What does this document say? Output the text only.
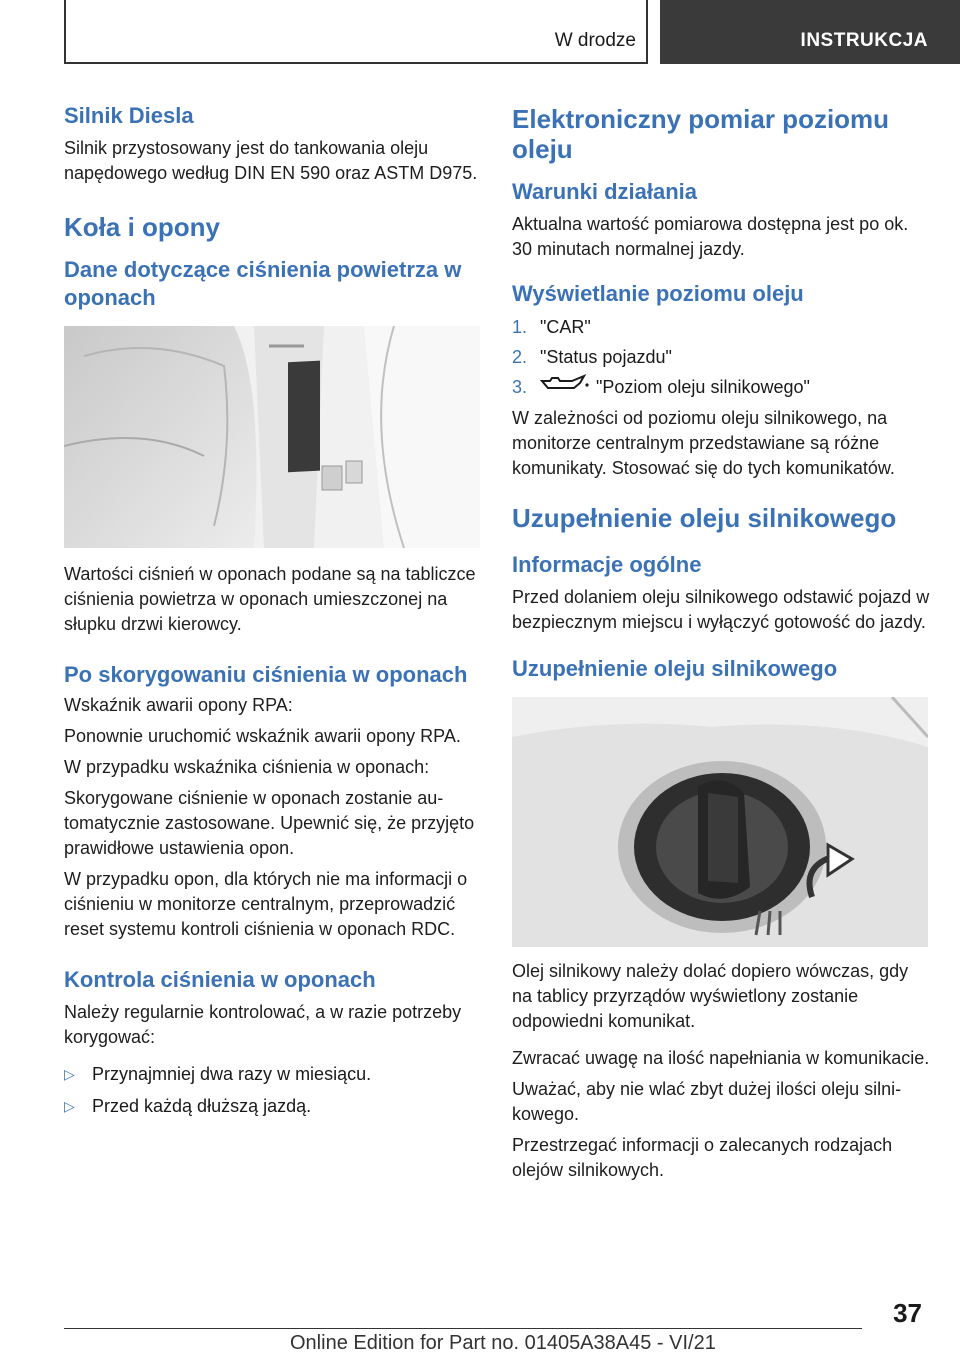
W drodze	INSTRUKCJA
Silnik Diesla

Silnik przystosowany jest do tankowania oleju napędowego według DIN EN 590 oraz ASTM D975.

Koła i opony
Dane dotyczące ciśnienia powietrza w oponach

Wartości ciśnień w oponach podane są na tabliczce ciśnienia powietrza w oponach umieszczonej na słupku drzwi kierowcy.

Po skorygowaniu ciśnienia w oponach

Wskaźnik awarii opony RPA:

Ponownie uruchomić wskaźnik awarii opony RPA.

W przypadku wskaźnika ciśnienia w oponach:

Skorygowane ciśnienie w oponach zostanie automatycznie zastosowane. Upewnić się, że przyjęto prawidłowe ustawienia opon.

W przypadku opon, dla których nie ma informacji o ciśnieniu w monitorze centralnym, przeprowadzić reset systemu kontroli ciśnienia w oponach RDC.

Kontrola ciśnienia w oponach

Należy regularnie kontrolować, a w razie potrzeby korygować:

▷ Przynajmniej dwa razy w miesiącu.
▷ Przed każdą dłuższą jazdą.
Elektroniczny pomiar poziomu oleju
Warunki działania

Aktualna wartość pomiarowa dostępna jest po ok. 30 minutach normalnej jazdy.

Wyświetlanie poziomu oleju
1. "CAR"
2. "Status pojazdu"
3.	"Poziom oleju silnikowego"

W zależności od poziomu oleju silnikowego, na monitorze centralnym przedstawiane są różne komunikaty. Stosować się do tych komunikatów.

Uzupełnienie oleju silnikowego
Informacje ogólne

Przed dolaniem oleju silnikowego odstawić pojazd w bezpiecznym miejscu i wyłączyć gotowość do jazdy.

Uzupełnienie oleju silnikowego

Olej silnikowy należy dolać dopiero wówczas, gdy na tablicy przyrządów wyświetlony zostanie odpowiedni komunikat.

Zwracać uwagę na ilość napełniania w komunikacie.

Uważać, aby nie wlać zbyt dużej ilości oleju silnikowego.

Przestrzegać informacji o zalecanych rodzajach olejów silnikowych.

37
Online Edition for Part no. 01405A38A45 - VI/21
